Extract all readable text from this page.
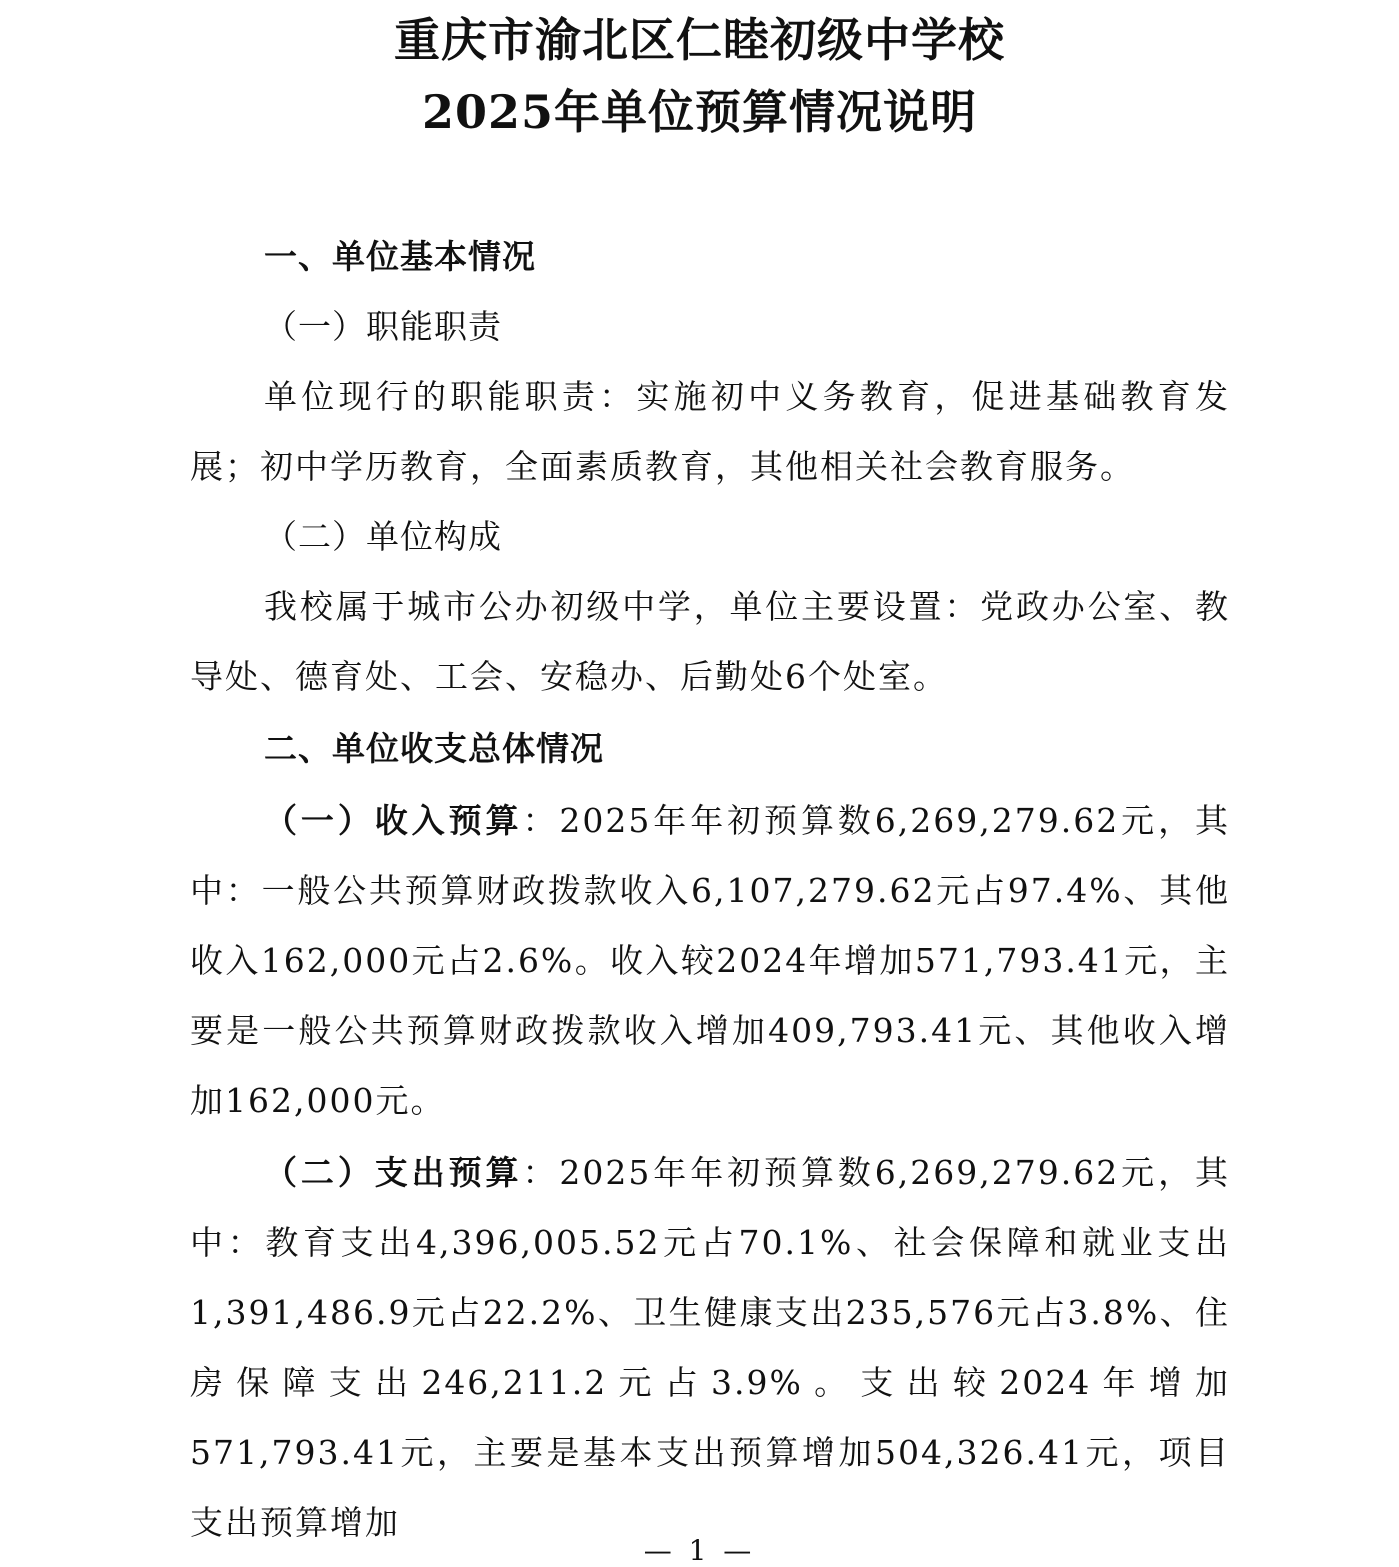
重庆市渝北区仁睦初级中学校
2025年单位预算情况说明
一、单位基本情况
（一）职能职责
单位现行的职能职责：实施初中义务教育，促进基础教育发展；初中学历教育，全面素质教育，其他相关社会教育服务。
（二）单位构成
我校属于城市公办初级中学，单位主要设置：党政办公室、教导处、德育处、工会、安稳办、后勤处6个处室。
二、单位收支总体情况
（一）收入预算：2025年年初预算数6,269,279.62元，其中：一般公共预算财政拨款收入6,107,279.62元占97.4%、其他收入162,000元占2.6%。收入较2024年增加571,793.41元，主要是一般公共预算财政拨款收入增加409,793.41元、其他收入增加162,000元。
（二）支出预算：2025年年初预算数6,269,279.62元，其中：教育支出4,396,005.52元占70.1%、社会保障和就业支出1,391,486.9元占22.2%、卫生健康支出235,576元占3.8%、住房保障支出246,211.2元占3.9%。支出较2024年增加571,793.41元，主要是基本支出预算增加504,326.41元，项目支出预算增加
— 1 —
